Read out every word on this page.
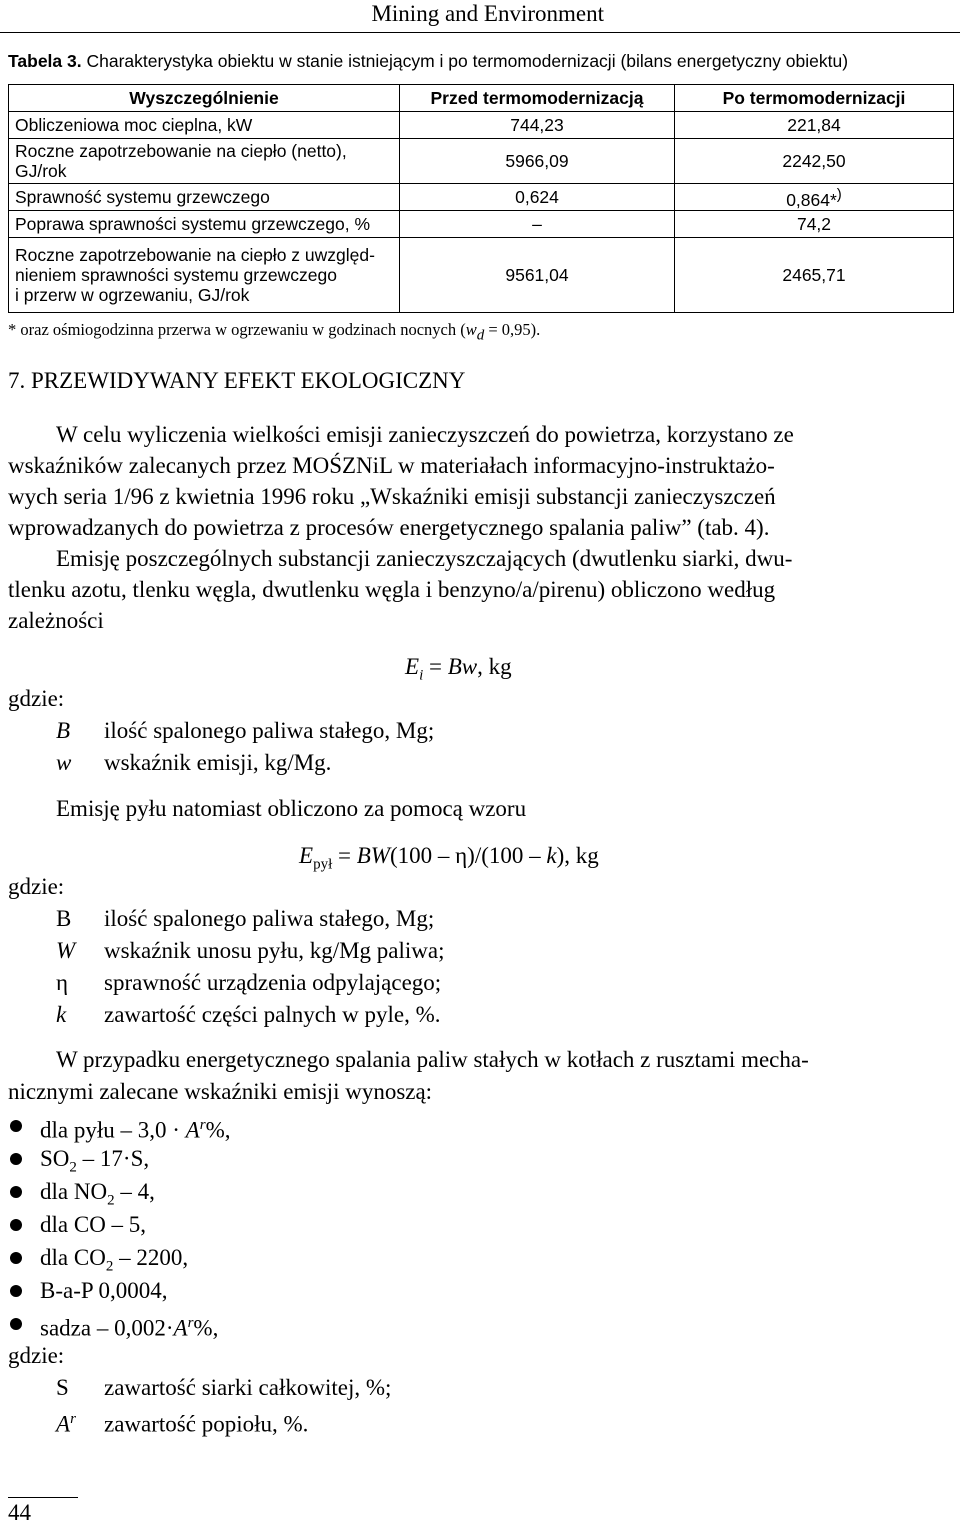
Mining and Environment
Tabela 3. Charakterystyka obiektu w stanie istniejącym i po termomodernizacji (bilans energetyczny obiektu)
Wyszczególnienie	Przed termomodernizacją	Po termomodernizacji
Obliczeniowa moc cieplna, kW	744,23	221,84

Roczne zapotrzebowanie na ciepło (netto),
GJ/rok	5966,09	2242,50
Sprawność systemu grzewczego	0,624	0,864*)
Poprawa sprawności systemu grzewczego, %	–	74,2

Roczne zapotrzebowanie na ciepło z uwzględ-
nieniem sprawności systemu grzewczego
i przerw w ogrzewaniu, GJ/rok	9561,04	2465,71
* oraz ośmiogodzinna przerwa w ogrzewaniu w godzinach nocnych $(w_d = 0,95)$.
7. PRZEWIDYWANY EFEKT EKOLOGICZNY
W celu wyliczenia wielkości emisji zanieczyszczeń do powietrza, korzystano ze
wskaźników zalecanych przez MOŚZNiL w materiałach informacyjno-instruktażo-
wych seria 1/96 z kwietnia 1996 roku „Wskaźniki emisji substancji zanieczyszczeń
wprowadzanych do powietrza z procesów energetycznego spalania paliw” (tab. 4).
Emisję poszczególnych substancji zanieczyszczających (dwutlenku siarki, dwu-
tlenku azotu, tlenku węgla, dwutlenku węgla i benzyno/a/pirenu) obliczono według
zależności
$E_i = Bw$, kg
gdzie:
B ilość spalonego paliwa stałego, Mg;
w wskaźnik emisji, kg/Mg.
Emisję pyłu natomiast obliczono za pomocą wzoru
$E_{pył} = BW(100 - \eta)/(100 - k)$, kg
gdzie:
B ilość spalonego paliwa stałego, Mg;
W wskaźnik unosu pyłu, kg/Mg paliwa;
η sprawność urządzenia odpylającego;
k zawartość części palnych w pyle, %.
W przypadku energetycznego spalania paliw stałych w kotłach z rusztami mecha-
nicznymi zalecane wskaźniki emisji wynoszą:
dla pyłu – $3,0 \cdot A^r\%$,
$SO_2 - 17\cdot S$,
dla $NO_2 - 4$,
dla CO – 5,
dla $CO_2 - 2200$,
B-a-P 0,0004,
sadza – $0,002\cdot A^r\%$,
gdzie:
S zawartość siarki całkowitej, %;
$A^r$ zawartość popiołu, %.
44
